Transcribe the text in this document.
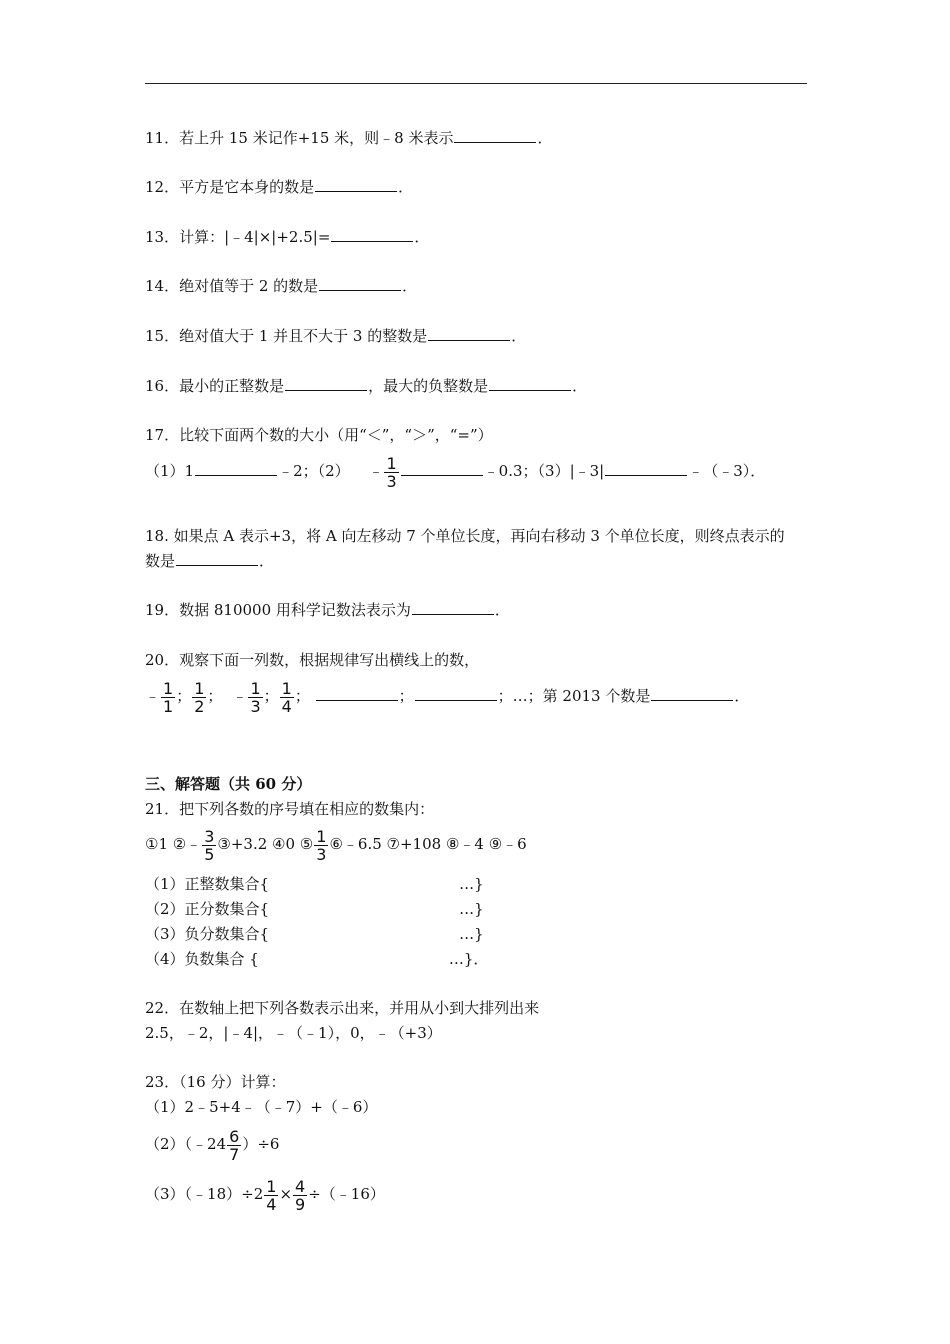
11．若上升 15 米记作+15 米，则﹣8 米表示	．
12．平方是它本身的数是	．
13．计算：|﹣4|×|+2.5|=	．
14．绝对值等于 2 的数是	．
15．绝对值大于 1 并且不大于 3 的整数是	．
16．最小的正整数是	，最大的负整数是	．
17．比较下面两个数的大小（用“＜”，“＞”，“=”）
（1）1	﹣2；（2） ﹣ $\frac{1}{3}$	﹣0.3；（3）|﹣3|	﹣（﹣3）．
18. 如果点 A 表示+3，将 A 向左移动 7 个单位长度，再向右移动 3 个单位长度，则终点表示的
数是	．
19．数据 810000 用科学记数法表示为	．
20．观察下面一列数，根据规律写出横线上的数，
﹣ $\frac{1}{1}$ ； $\frac{1}{2}$ ； ﹣ $\frac{1}{3}$ ； $\frac{1}{4}$ ；	；	；…；第 2013 个数是	．
三、解答题（共 60 分）
21．把下列各数的序号填在相应的数集内：
①1 ②﹣ $\frac{3}{5}$ ③+3.2 ④0 ⑤ $\frac{1}{3}$ ⑥﹣6.5 ⑦+108 ⑧﹣4 ⑨﹣6
（1）正整数集合{	…}
（2）正分数集合{	…}
（3）负分数集合{	…}
（4）负数集合 {	…}．
22．在数轴上把下列各数表示出来，并用从小到大排列出来
2.5，﹣2，|﹣4|，﹣（﹣1），0，﹣（+3）
23．（16 分）计算：
（1）2﹣5+4﹣（﹣7）+（﹣6）
（2）（﹣24 $\frac{6}{7} )\div 6$
（3）（﹣18）÷2 $\frac{1}{4} \times \frac{4}{9}$ ÷（﹣16）
